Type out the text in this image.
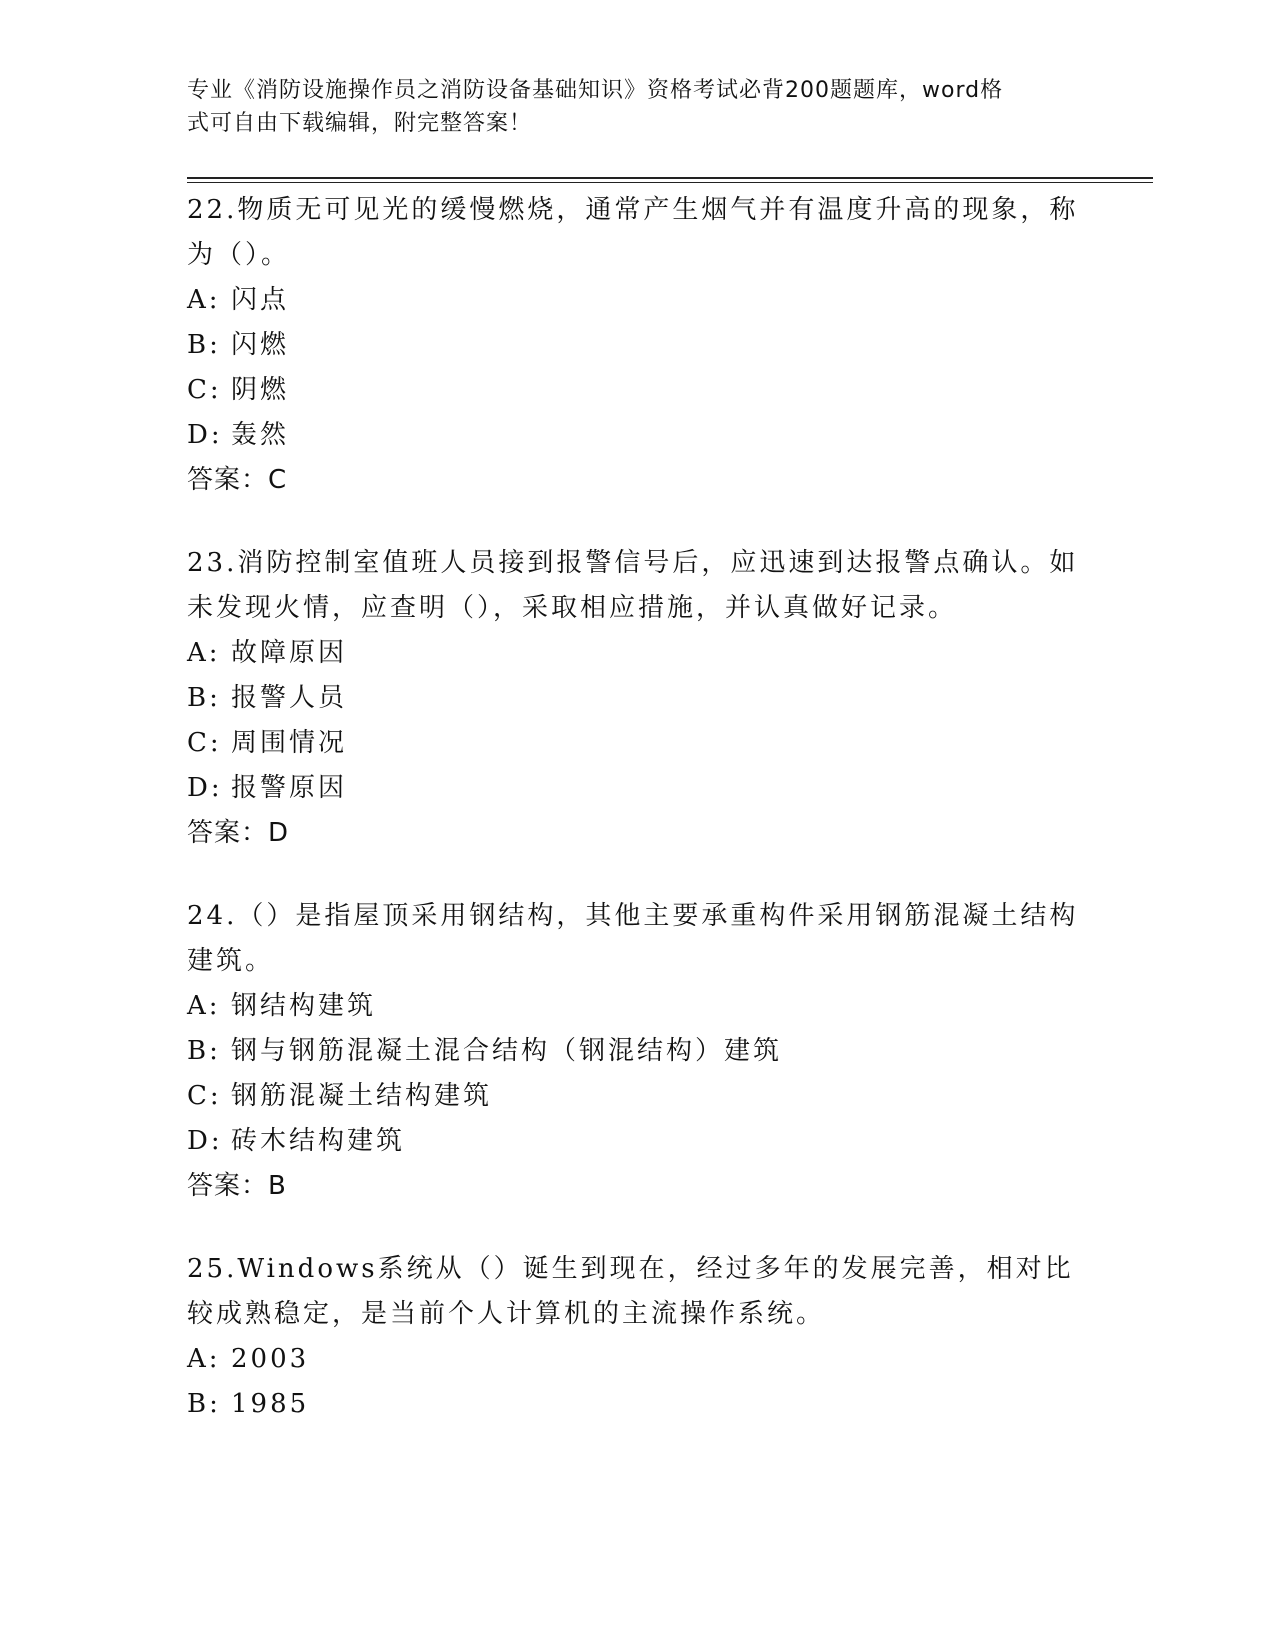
专业《消防设施操作员之消防设备基础知识》资格考试必背200题题库，word格
式可自由下载编辑，附完整答案！

22.物质无可见光的缓慢燃烧，通常产生烟气并有温度升高的现象，称为（）。

A: 闪点
B: 闪燃
C: 阴燃
D: 轰然
答案：C

23.消防控制室值班人员接到报警信号后，应迅速到达报警点确认。如未发现火情，应查明（），采取相应措施，并认真做好记录。

A: 故障原因
B: 报警人员
C: 周围情况
D: 报警原因
答案：D

24.（）是指屋顶采用钢结构，其他主要承重构件采用钢筋混凝土结构建筑。

A: 钢结构建筑
B: 钢与钢筋混凝土混合结构（钢混结构）建筑
C: 钢筋混凝土结构建筑
D: 砖木结构建筑
答案：B

25.Windows系统从（）诞生到现在，经过多年的发展完善，相对比较成熟稳定，是当前个人计算机的主流操作系统。

A: 2003
B: 1985
